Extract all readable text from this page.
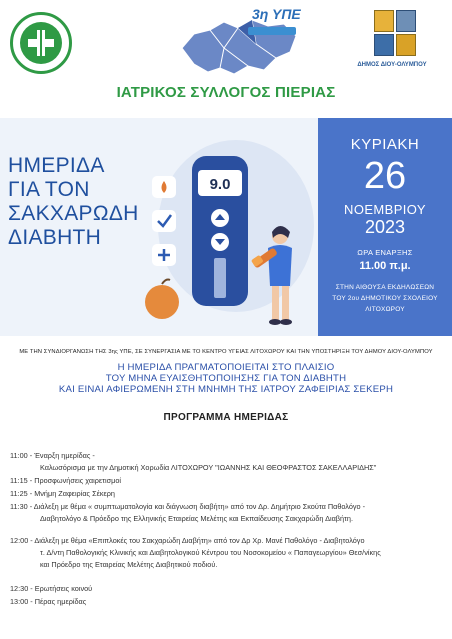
3η ΥΠΕ
ΔΗΜΟΣ ΔΙΟΥ-ΟΛΥΜΠΟΥ
ΙΑΤΡΙΚΟΣ ΣΥΛΛΟΓΟΣ ΠΙΕΡΙΑΣ
ΗΜΕΡΙΔΑ
ΓΙΑ ΤΟΝ
ΣΑΚΧΑΡΩΔΗ
ΔΙΑΒΗΤΗ
9.0
ΚΥΡΙΑΚΗ
26
ΝΟΕΜΒΡΙΟΥ
2023
ΩΡΑ ΕΝΑΡΞΗΣ
11.00 π.μ.
ΣΤΗΝ ΑΙΘΟΥΣΑ ΕΚΔΗΛΩΣΕΩΝ
ΤΟΥ 2ου ΔΗΜΟΤΙΚΟΥ ΣΧΟΛΕΙΟΥ
ΛΙΤΟΧΩΡΟΥ
ΜΕ ΤΗΝ ΣΥΝΔΙΟΡΓΑΝΩΣΗ ΤΗΣ 3ης ΥΠΕ, ΣΕ ΣΥΝΕΡΓΑΣΙΑ ΜΕ ΤΟ ΚΕΝΤΡΟ ΥΓΕΙΑΣ ΛΙΤΟΧΩΡΟΥ ΚΑΙ ΤΗΝ ΥΠΟΣΤΗΡΙΞΗ ΤΟΥ ΔΗΜΟΥ ΔΙΟΥ-ΟΛΥΜΠΟΥ
Η ΗΜΕΡΙΔΑ ΠΡΑΓΜΑΤΟΠΟΙΕΙΤΑΙ ΣΤΟ ΠΛΑΙΣΙΟ
ΤΟΥ ΜΗΝΑ ΕΥΑΙΣΘΗΤΟΠΟΙΗΣΗΣ ΓΙΑ ΤΟΝ ΔΙΑΒΗΤΗ
ΚΑΙ ΕΙΝΑΙ ΑΦΙΕΡΩΜΕΝΗ ΣΤΗ ΜΝΗΜΗ ΤΗΣ ΙΑΤΡΟΥ ΖΑΦΕΙΡΙΑΣ ΣΕΚΕΡΗ
ΠΡΟΓΡΑΜΜΑ ΗΜΕΡΙΔΑΣ
11:00 - Έναρξη ημερίδας -
Καλωσόρισμα με την Δημοτική Χορωδία ΛΙΤΟΧΩΡΟΥ "ΙΩΑΝΝΗΣ ΚΑΙ ΘΕΟΦΡΑΣΤΟΣ ΣΑΚΕΛΛΑΡΙΔΗΣ"
11:15 - Προσφωνήσεις χαιρετισμοί
11:25 - Μνήμη Ζαφειρίας Σέκερη
11:30 - Διάλεξη με θέμα « συμπτωματολογία και διάγνωση διαβήτη» από τον Δρ. Δημήτριο Σκούτα Παθολόγο -
Διαβητολόγο & Πρόεδρο της Ελληνικής Εταιρείας Μελέτης και Εκπαίδευσης Σακχαρώδη Διαβήτη.
12:00 - Διάλεξη με θέμα «Επιπλοκές του Σακχαρώδη Διαβήτη» από τον Δρ Χρ. Μανέ Παθολόγο - Διαβητολόγο
τ. Δ/ντη Παθολογικής Κλινικής και Διαβητολογικού Κέντρου του Νοσοκομείου « Παπαγεωργίου» Θεσ/νίκης
και Πρόεδρο της Εταιρείας Μελέτης Διαβητικού ποδιού.
12:30 - Ερωτήσεις κοινού
13:00 - Πέρας ημερίδας
